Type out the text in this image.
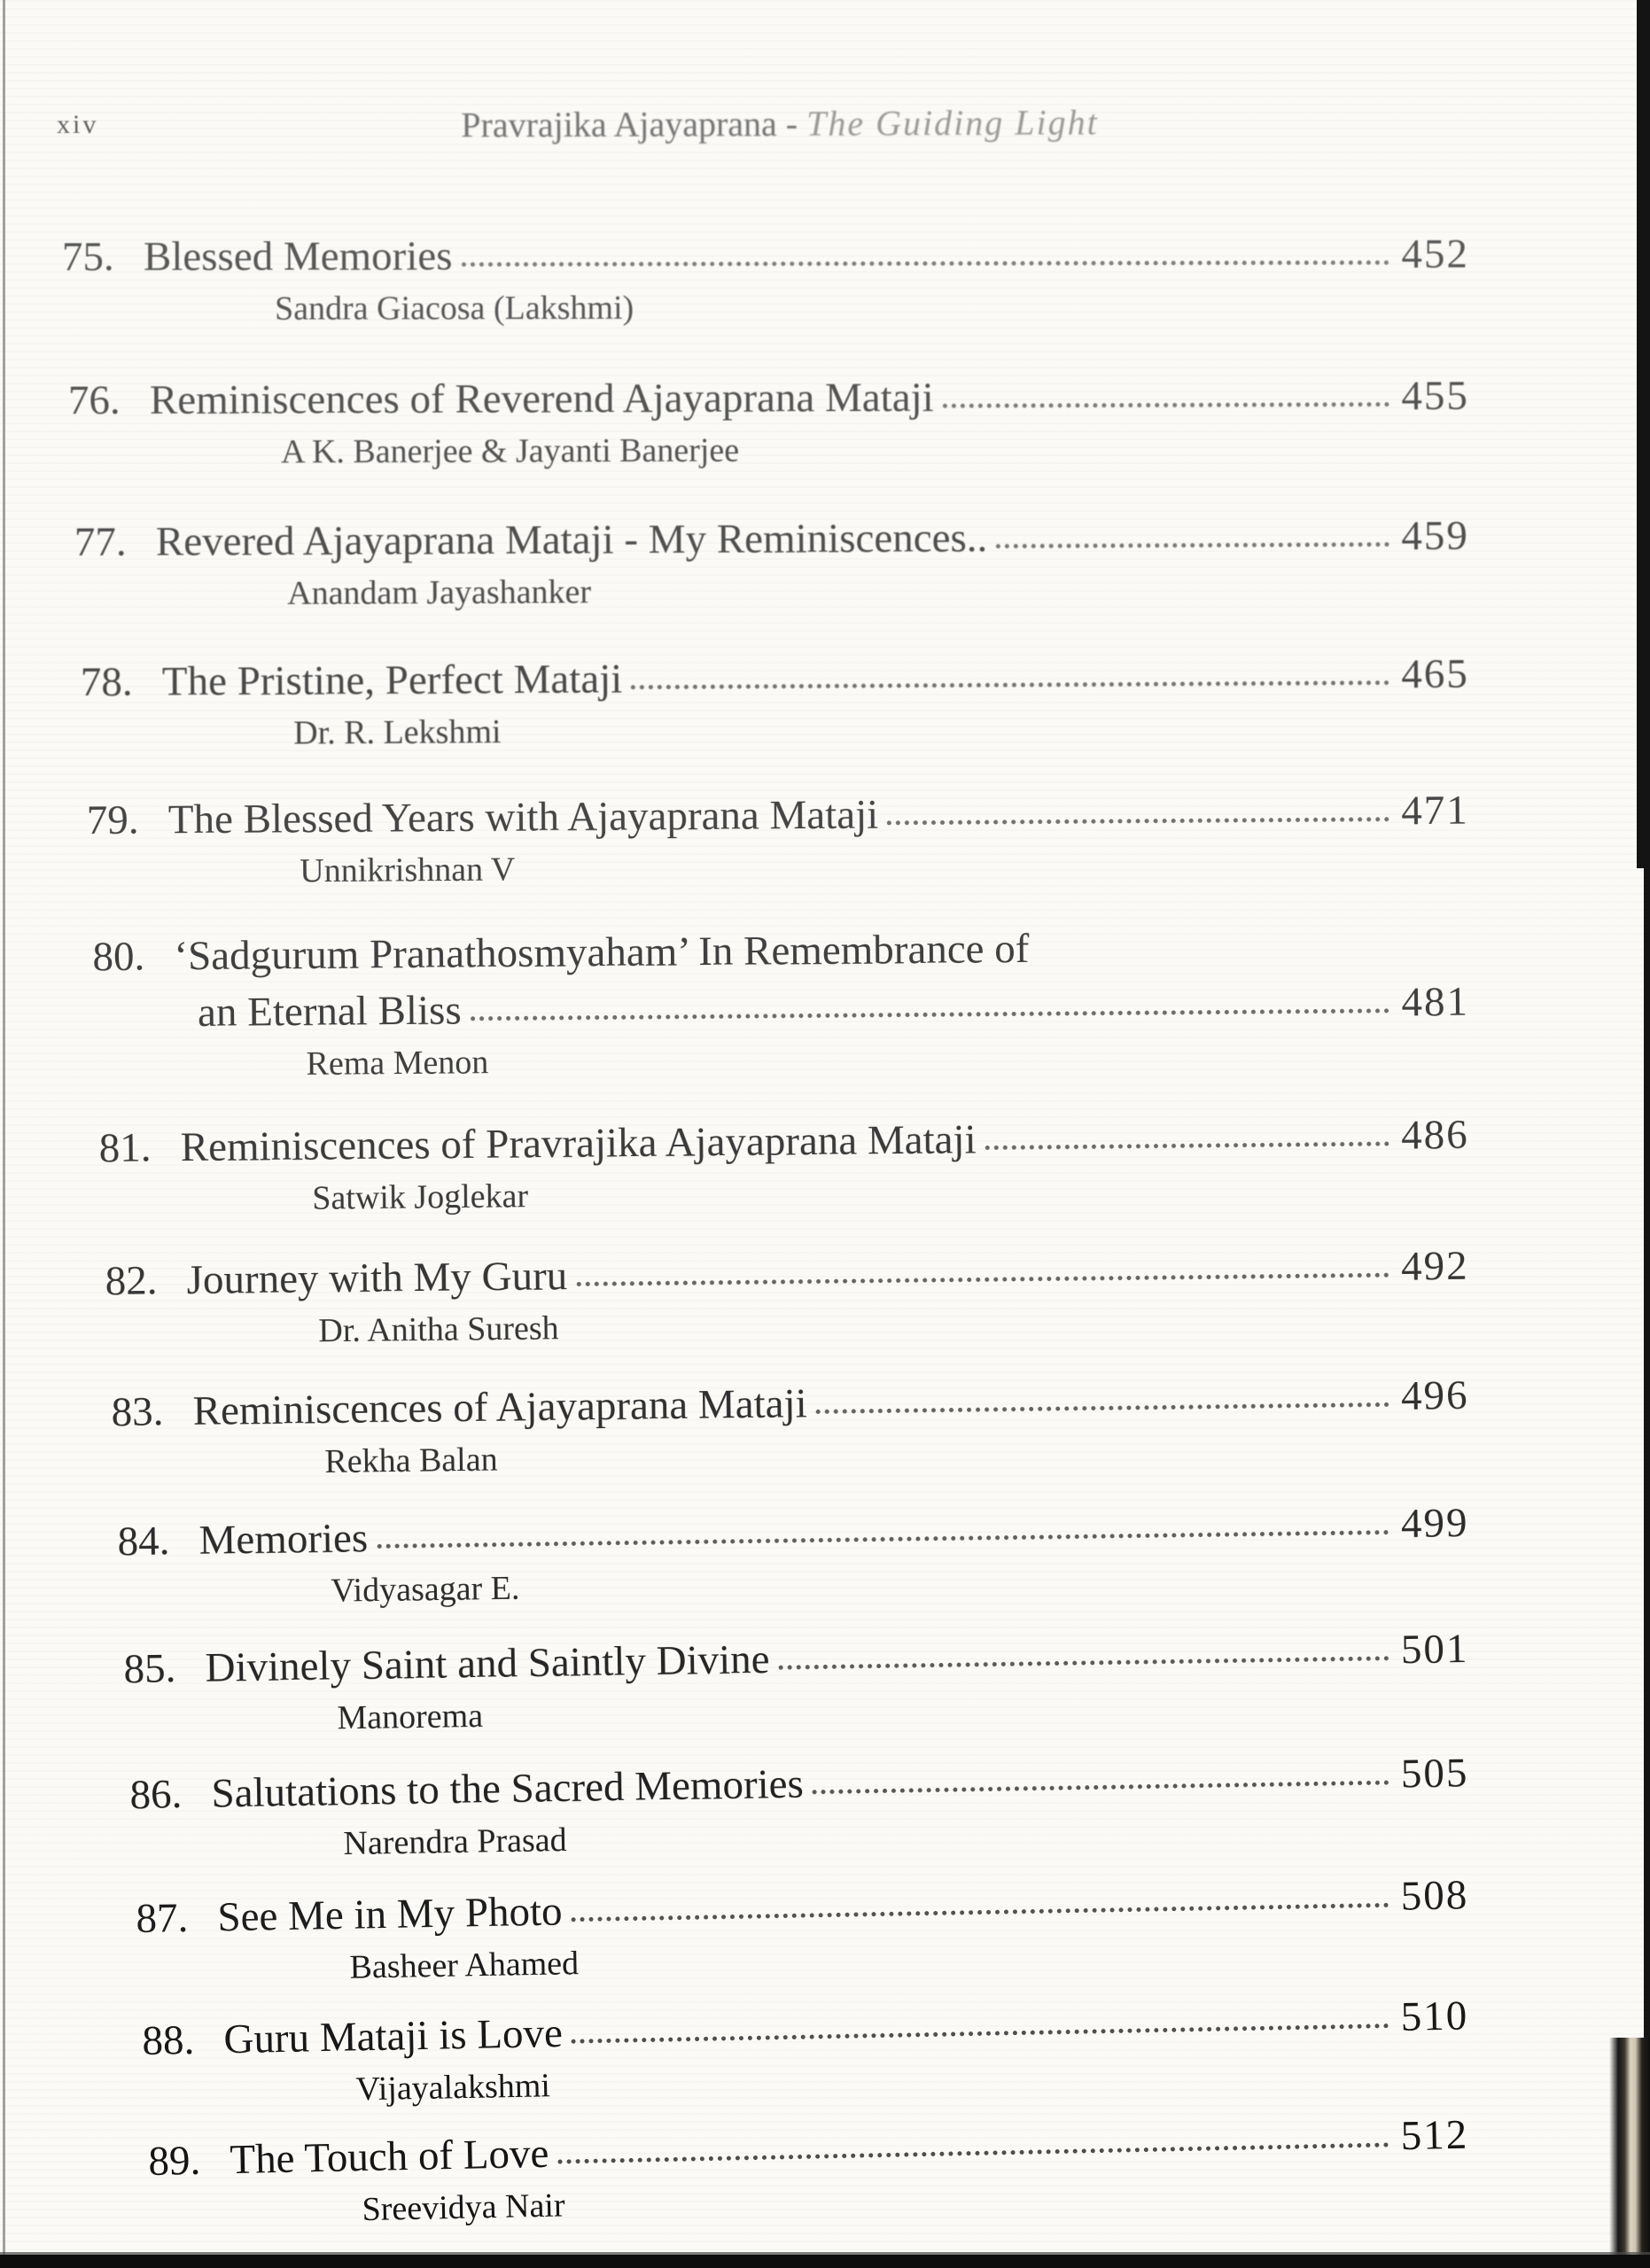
xiv	Pravrajika Ajayaprana - The Guiding Light
75. Blessed Memories	452
Sandra Giacosa (Lakshmi)
76. Reminiscences of Reverend Ajayaprana Mataji	455
A K. Banerjee & Jayanti Banerjee
77. Revered Ajayaprana Mataji - My Reminiscences..	459
Anandam Jayashanker
78. The Pristine, Perfect Mataji	465
Dr. R. Lekshmi
79. The Blessed Years with Ajayaprana Mataji	471
Unnikrishnan V
80. ‘Sadgurum Pranathosmyaham’ In Remembrance of
an Eternal Bliss	481
Rema Menon
81. Reminiscences of Pravrajika Ajayaprana Mataji	486
Satwik Joglekar
82. Journey with My Guru	492
Dr. Anitha Suresh
83. Reminiscences of Ajayaprana Mataji	496
Rekha Balan
84. Memories	499
Vidyasagar E.
85. Divinely Saint and Saintly Divine	501
Manorema
86. Salutations to the Sacred Memories	505
Narendra Prasad
87. See Me in My Photo	508
Basheer Ahamed
88. Guru Mataji is Love	510
Vijayalakshmi
89. The Touch of Love	512
Sreevidya Nair
